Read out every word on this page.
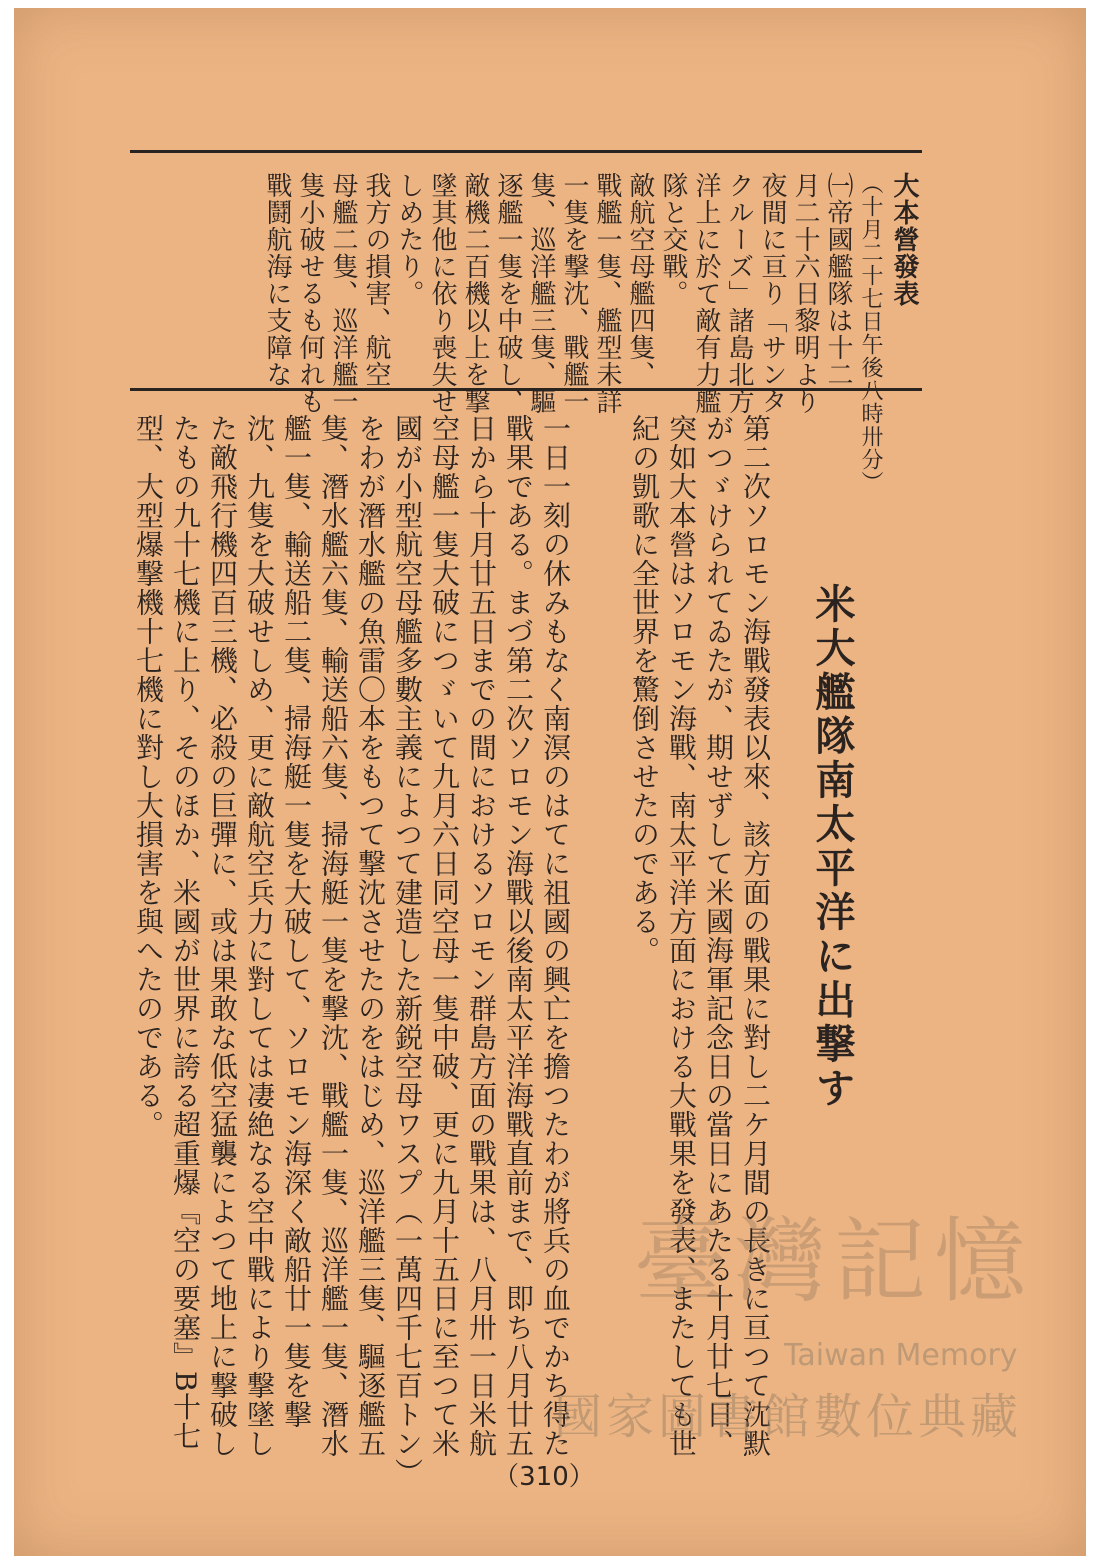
大本營發表
（十月二十七日午後八時卅分）
㈠帝國艦隊は十二
月二十六日黎明より
夜間に亘り「サンタ
クルーズ」諸島北方
洋上に於て敵有力艦
隊と交戰。
敵航空母艦四隻、
戰艦一隻、艦型未詳
一隻を撃沈、戰艦一
隻、巡洋艦三隻、驅
逐艦一隻を中破し、
敵機二百機以上を撃
墜其他に依り喪失せ
しめたり。
我方の損害、航空
母艦二隻、巡洋艦一
隻小破せるも何れも
戰鬪航海に支障な
米大艦隊南太平洋に出撃す
第二次ソロモン海戰發表以來、該方面の戰果に對し二ケ月間の長きに亘つて沈默がつゞけられてゐたが、期せずして米國海軍記念日の當日にあたる十月廿七日、突如大本營はソロモン海戰、南太平洋方面における大戰果を發表、またしても世紀の凱歌に全世界を驚倒させたのである。
一日一刻の休みもなく南溟のはてに祖國の興亡を擔つたわが將兵の血でかち得た戰果である。まづ第二次ソロモン海戰以後南太平洋海戰直前まで、即ち八月廿五日から十月廿五日までの間におけるソロモン群島方面の戰果は、八月卅一日米航空母艦一隻大破につゞいて九月六日同空母一隻中破、更に九月十五日に至つて米國が小型航空母艦多數主義によつて建造した新鋭空母ワスプ（一萬四千七百トン）をわが潛水艦の魚雷〇本をもつて撃沈させたのをはじめ、巡洋艦三隻、驅逐艦五隻、潛水艦六隻、輸送船六隻、掃海艇一隻を撃沈、戰艦一隻、巡洋艦一隻、潛水艦一隻、輸送船二隻、掃海艇一隻を大破して、ソロモン海深く敵船廿一隻を撃沈、九隻を大破せしめ、更に敵航空兵力に對しては凄絶なる空中戰により撃墜した敵飛行機四百三機、必殺の巨彈に、或は果敢な低空猛襲によつて地上に撃破したもの九十七機に上り、そのほか、米國が世界に誇る超重爆『空の要塞』B十七型、大型爆撃機十七機に對し大損害を與へたのである。
（310）
臺灣記憶
Taiwan Memory
國家圖書館數位典藏
